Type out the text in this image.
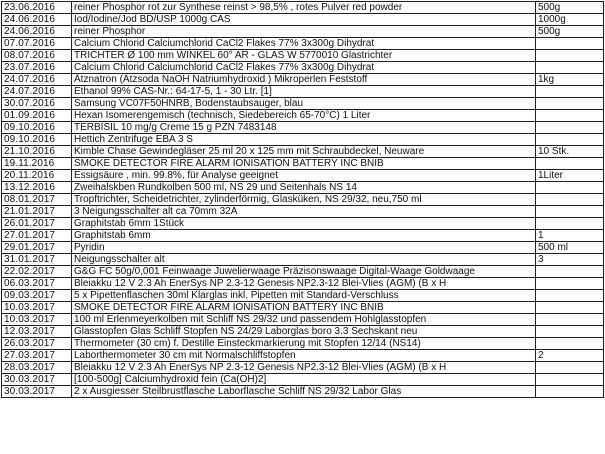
23.06.2016	reiner Phosphor rot zur Synthese reinst > 98,5% , rotes Pulver red powder	500g
24.06.2016	Iod/Iodine/Jod BD/USP 1000g CAS	1000g
24.06.2016	reiner Phosphor	500g
07.07.2016	Calcium Chlorid Calciumchlorid CaCl2 Flakes 77% 3x300g Dihydrat	
08.07.2016	TRICHTER Ø 100 mm WINKEL 60° AR - GLAS W 5770010 Glastrichter	
23.07.2016	Calcium Chlorid Calciumchlorid CaCl2 Flakes 77% 3x300g Dihydrat	
24.07.2016	Ätznatron (Ätzsoda NaOH Natriumhydroxid ) Mikroperlen Feststoff	1kg
24.07.2016	Ethanol 99% CAS-Nr.: 64-17-5, 1 - 30 Ltr. [1]	
30.07.2016	Samsung VC07F50HNRB, Bodenstaubsauger, blau	
01.09.2016	Hexan Isomerengemisch (technisch, Siedebereich 65-70°C) 1 Liter	
09.10.2016	TERBISIL 10 mg/g Creme 15 g PZN 7483148	
09.10.2016	Hettich Zentrifuge EBA 3 S	
21.10.2016	Kimble Chase Gewindegläser 25 ml 20 x 125 mm mit Schraubdeckel, Neuware	10 Stk.
19.11.2016	SMOKE DETECTOR FIRE ALARM IONISATION BATTERY INC BNIB	
20.11.2016	Essigsäure , min. 99.8%, für Analyse geeignet	1Liter
13.12.2016	Zweihalskben Rundkolben 500 ml, NS 29 und Seitenhals NS 14	
08.01.2017	Tropftrichter, Scheidetrichter, zylinderförmig, Glasküken, NS 29/32, neu,750 ml	
21.01.2017	3 Neigungsschalter alt ca 70mm 32A	
26.01.2017	Graphitstab 6mm 1Stück	
27.01.2017	Graphitstab 6mm	1
29.01.2017	Pyridin	500 ml
31.01.2017	Neigungsschalter alt	3
22.02.2017	G&G FC 50g/0,001 Feinwaage Juwelierwaage Präzisonswaage Digital-Waage Goldwaage	
06.03.2017	Bleiakku 12 V 2.3 Ah EnerSys NP 2.3-12 Genesis NP2.3-12 Blei-Vlies (AGM) (B x H	
09.03.2017	5 x Pipettenflaschen 30ml Klarglas inkl. Pipetten mit Standard-Verschluss	
10.03.2017	SMOKE DETECTOR FIRE ALARM IONISATION BATTERY INC BNIB	
10.03.2017	100 ml Erlenmeyerkolben mit Schliff NS 29/32 und passendem Hohlglasstopfen	
12.03.2017	Glasstopfen Glas Schliff Stopfen NS 24/29 Laborglas boro 3.3 Sechskant neu	
26.03.2017	Thermometer (30 cm) f. Destille Einsteckmarkierung mit Stopfen 12/14 (NS14)	
27.03.2017	Laborthermometer 30 cm mit Normalschliffstopfen	2
28.03.2017	Bleiakku 12 V 2.3 Ah EnerSys NP 2.3-12 Genesis NP2.3-12 Blei-Vlies (AGM) (B x H	
30.03.2017	[100-500g] Calciumhydroxid fein (Ca(OH)2]	
30.03.2017	2 x Ausgiesser Steilbrustflasche Laborflasche Schliff NS 29/32 Labor Glas	
